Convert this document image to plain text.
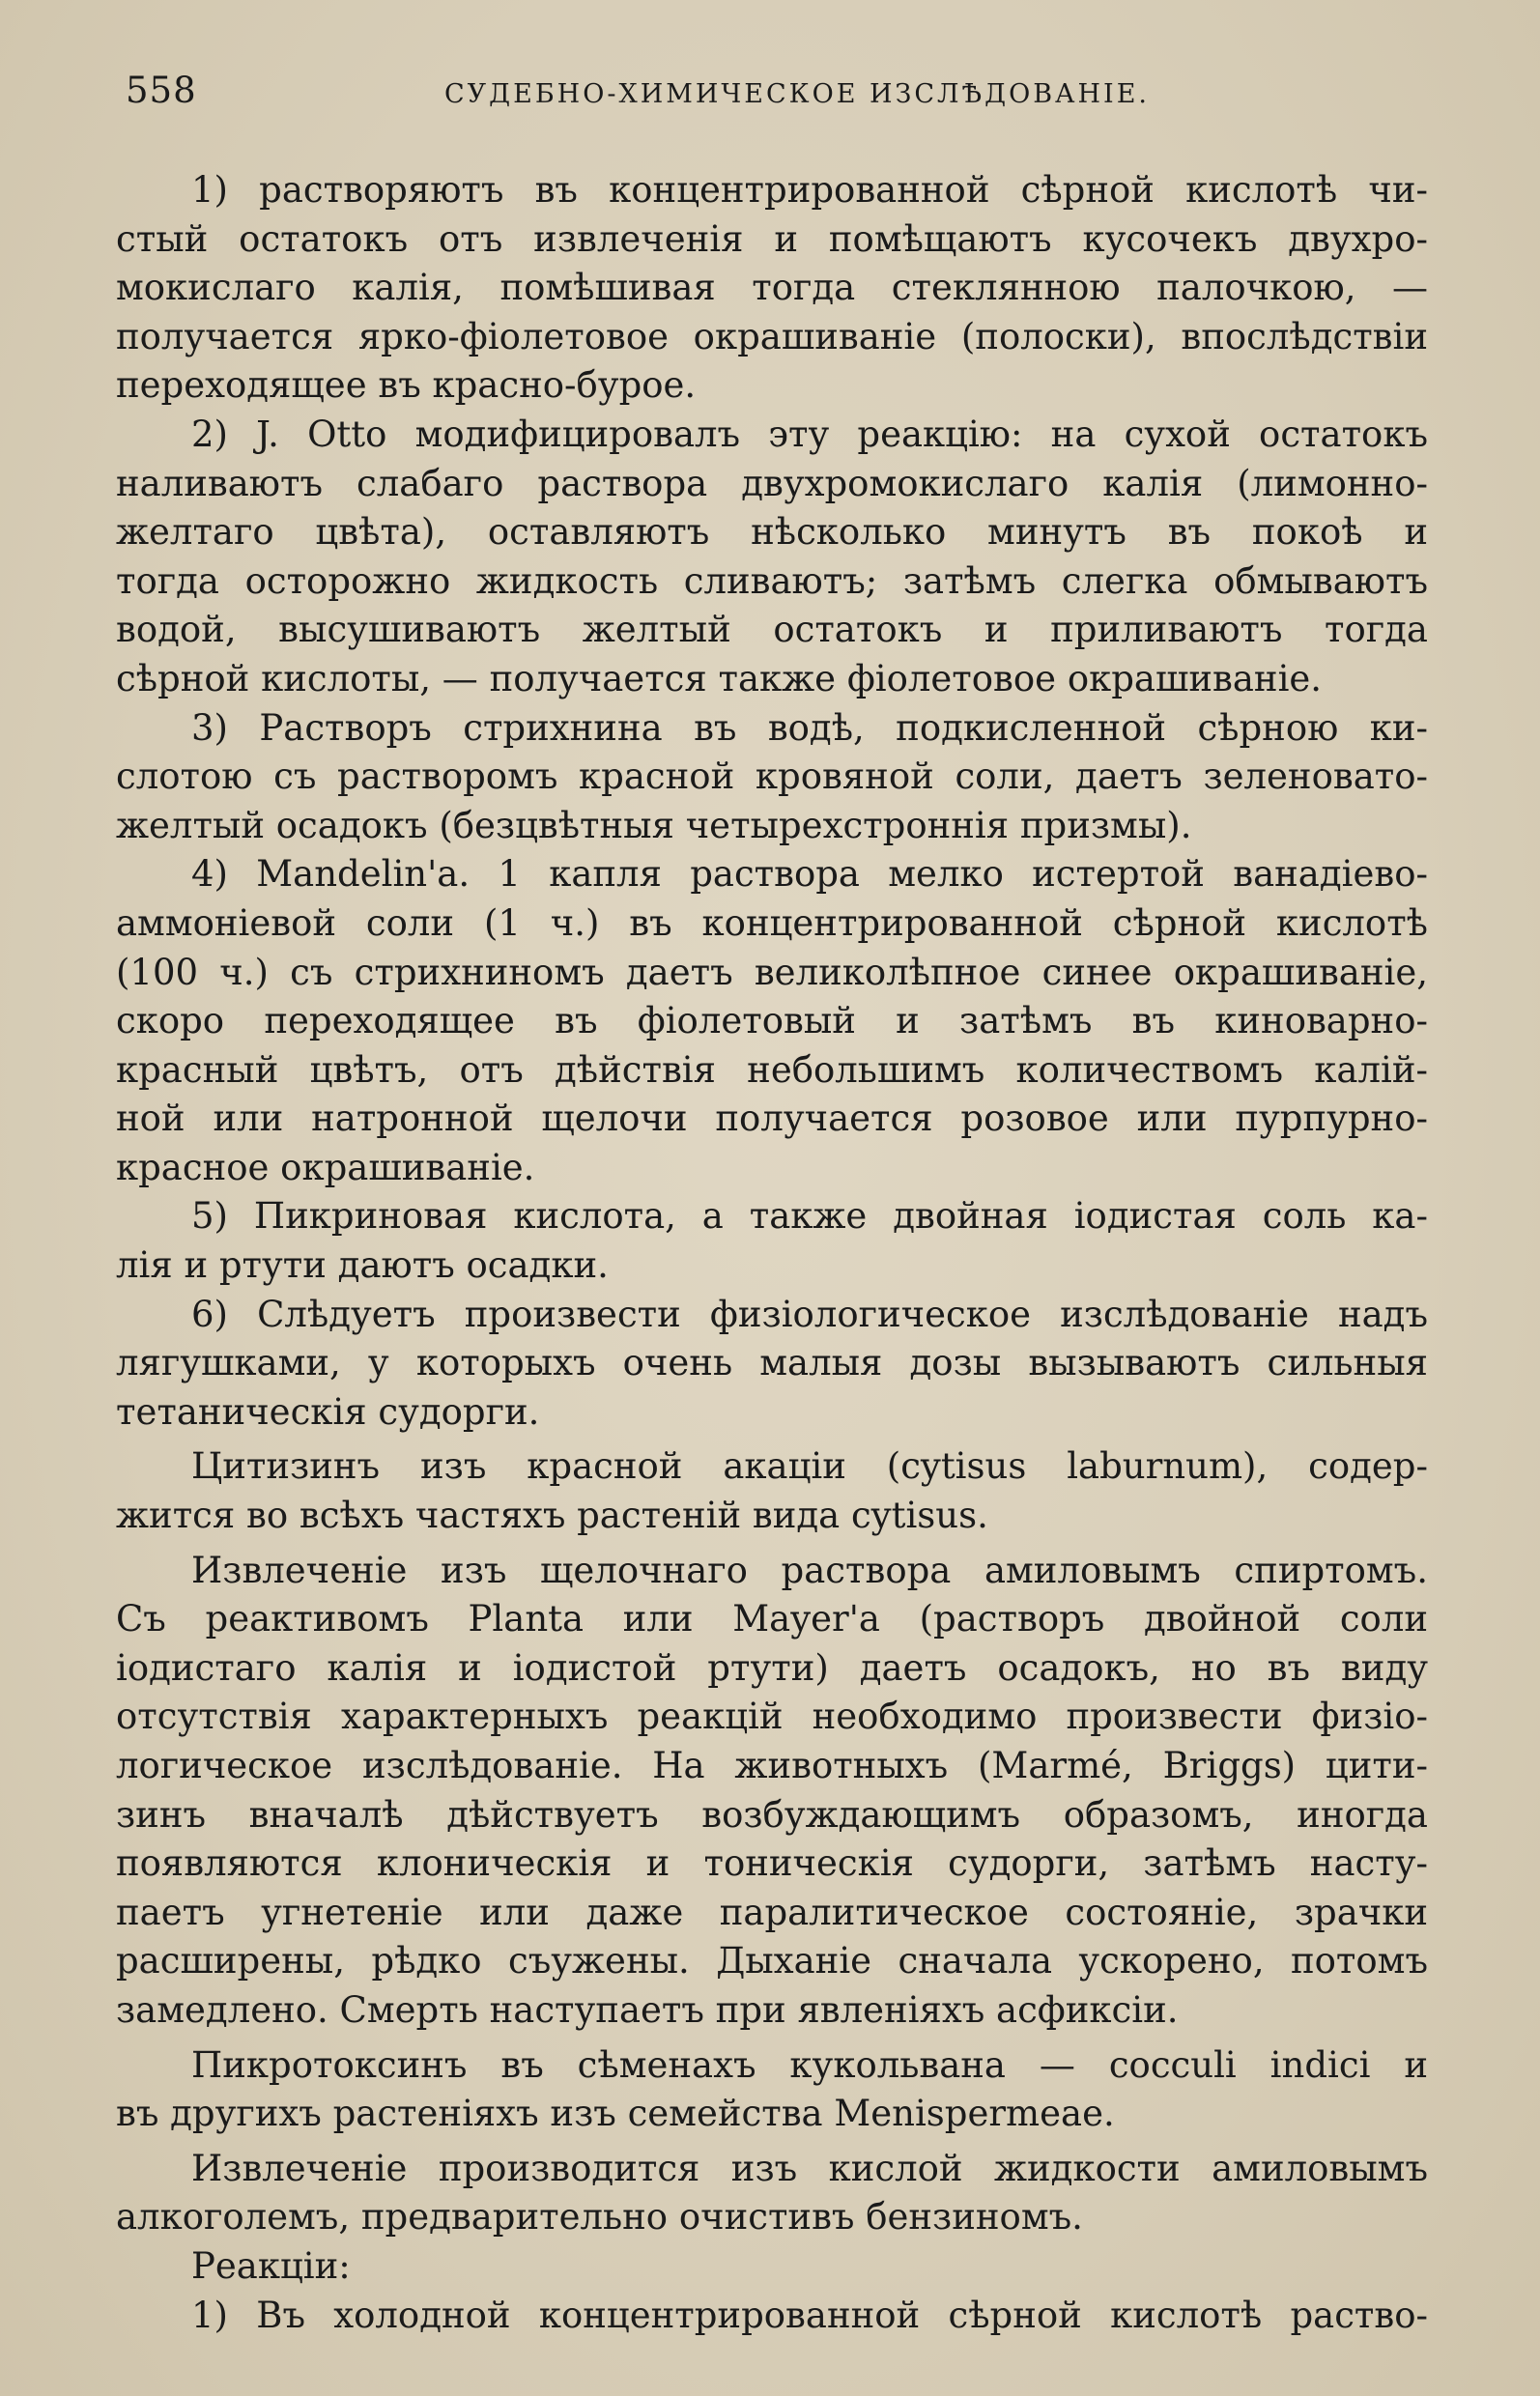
558	СУДЕБНО-ХИМИЧЕСКОЕ ИЗСЛѢДОВАНІЕ.
1) растворяютъ въ концентрированной сѣрной кислотѣ чи-
стый остатокъ отъ извлеченія и помѣщаютъ кусочекъ двухро-
мокислаго калія, помѣшивая тогда стеклянною палочкою, —
получается ярко-фіолетовое окрашиваніе (полоски), впослѣдствіи
переходящее въ красно-бурое.
2) J. Otto модифицировалъ эту реакцію: на сухой остатокъ
наливаютъ слабаго раствора двухромокислаго калія (лимонно-
желтаго цвѣта), оставляютъ нѣсколько минутъ въ покоѣ и
тогда осторожно жидкость сливаютъ; затѣмъ слегка обмываютъ
водой, высушиваютъ желтый остатокъ и приливаютъ тогда
сѣрной кислоты, — получается также фіолетовое окрашиваніе.
3) Растворъ стрихнина въ водѣ, подкисленной сѣрною ки-
слотою съ растворомъ красной кровяной соли, даетъ зеленовато-
желтый осадокъ (безцвѣтныя четырехстроннія призмы).
4) Mandelin'а. 1 капля раствора мелко истертой ванадіево-
аммоніевой соли (1 ч.) въ концентрированной сѣрной кислотѣ
(100 ч.) съ стрихниномъ даетъ великолѣпное синее окрашиваніе,
скоро переходящее въ фіолетовый и затѣмъ въ киноварно-
красный цвѣтъ, отъ дѣйствія небольшимъ количествомъ калій-
ной или натронной щелочи получается розовое или пурпурно-
красное окрашиваніе.
5) Пикриновая кислота, а также двойная іодистая соль ка-
лія и ртути даютъ осадки.
6) Слѣдуетъ произвести физіологическое изслѣдованіе надъ
лягушками, у которыхъ очень малыя дозы вызываютъ сильныя
тетаническія судорги.
Цитизинъ изъ красной акаціи (cytisus laburnum), содер-
жится во всѣхъ частяхъ растеній вида cytisus.
Извлеченіе изъ щелочнаго раствора амиловымъ спиртомъ.
Съ реактивомъ Planta или Mayer'а (растворъ двойной соли
іодистаго калія и іодистой ртути) даетъ осадокъ, но въ виду
отсутствія характерныхъ реакцій необходимо произвести физіо-
логическое изслѣдованіе. На животныхъ (Marmé, Briggs) цити-
зинъ вначалѣ дѣйствуетъ возбуждающимъ образомъ, иногда
появляются клоническія и тоническія судорги, затѣмъ насту-
паетъ угнетеніе или даже паралитическое состояніе, зрачки
расширены, рѣдко съужены. Дыханіе сначала ускорено, потомъ
замедлено. Смерть наступаетъ при явленіяхъ асфиксіи.
Пикротоксинъ въ сѣменахъ кукольвана — cocculi indici и
въ другихъ растеніяхъ изъ семейства Menispermeae.
Извлеченіе производится изъ кислой жидкости амиловымъ
алкоголемъ, предварительно очистивъ бензиномъ.
Реакціи:
1) Въ холодной концентрированной сѣрной кислотѣ раство-
